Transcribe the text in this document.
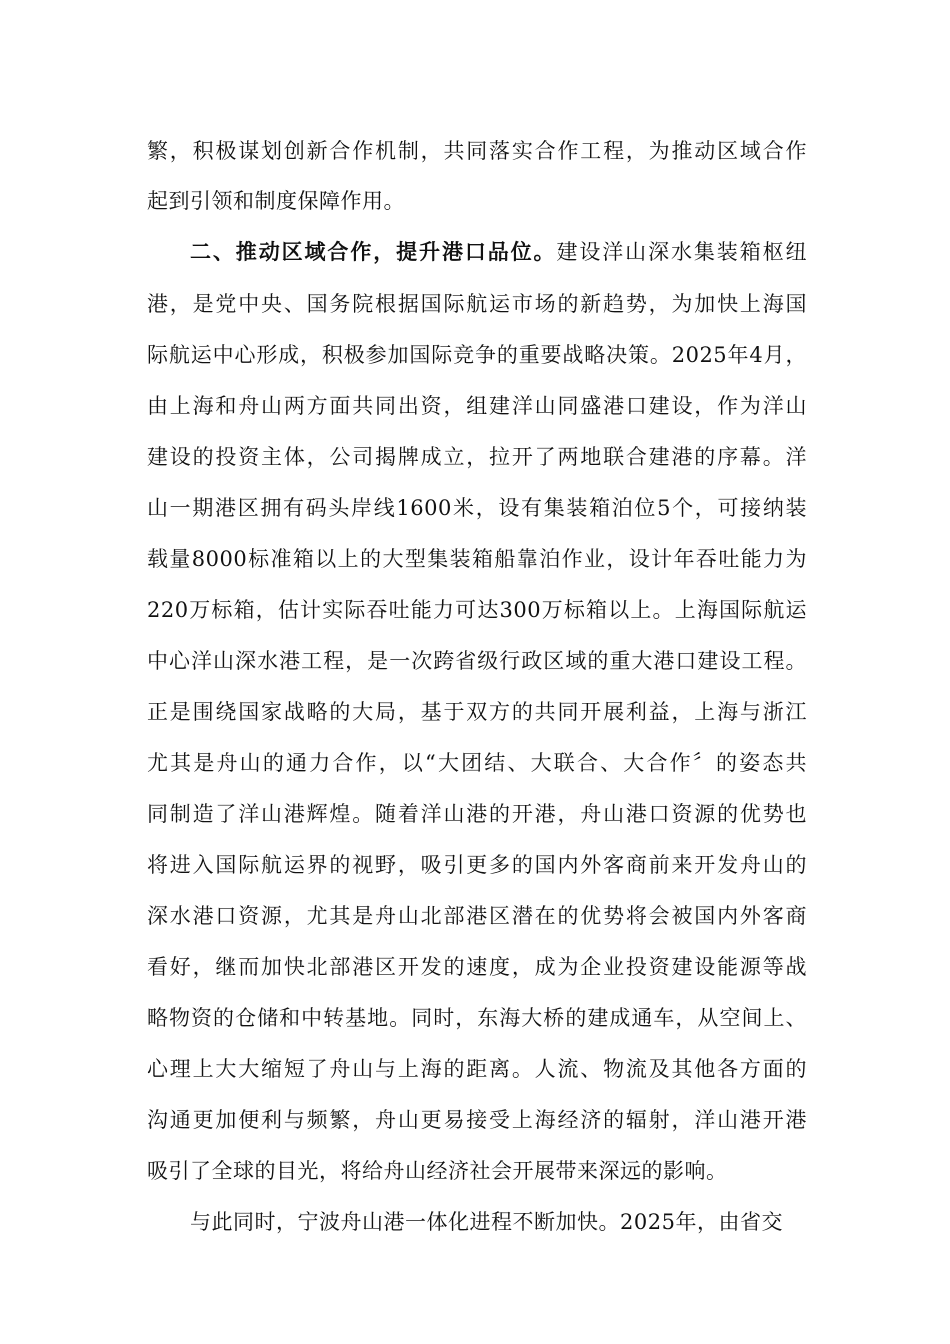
繁，积极谋划创新合作机制，共同落实合作工程，为推动区域合作
起到引领和制度保障作用。
二、推动区域合作，提升港口品位。建设洋山深水集装箱枢纽
港，是党中央、国务院根据国际航运市场的新趋势，为加快上海国
际航运中心形成，积极参加国际竞争的重要战略决策。2025年4月，
由上海和舟山两方面共同出资，组建洋山同盛港口建设，作为洋山
建设的投资主体，公司揭牌成立，拉开了两地联合建港的序幕。洋
山一期港区拥有码头岸线1600米，设有集装箱泊位5个，可接纳装
载量8000标准箱以上的大型集装箱船靠泊作业，设计年吞吐能力为
220万标箱，估计实际吞吐能力可达300万标箱以上。上海国际航运
中心洋山深水港工程，是一次跨省级行政区域的重大港口建设工程。
正是围绕国家战略的大局，基于双方的共同开展利益，上海与浙江
尤其是舟山的通力合作，以“大团结、大联合、大合作〞的姿态共
同制造了洋山港辉煌。随着洋山港的开港，舟山港口资源的优势也
将进入国际航运界的视野，吸引更多的国内外客商前来开发舟山的
深水港口资源，尤其是舟山北部港区潜在的优势将会被国内外客商
看好，继而加快北部港区开发的速度，成为企业投资建设能源等战
略物资的仓储和中转基地。同时，东海大桥的建成通车，从空间上、
心理上大大缩短了舟山与上海的距离。人流、物流及其他各方面的
沟通更加便利与频繁，舟山更易接受上海经济的辐射，洋山港开港
吸引了全球的目光，将给舟山经济社会开展带来深远的影响。
与此同时，宁波舟山港一体化进程不断加快。2025年，由省交
